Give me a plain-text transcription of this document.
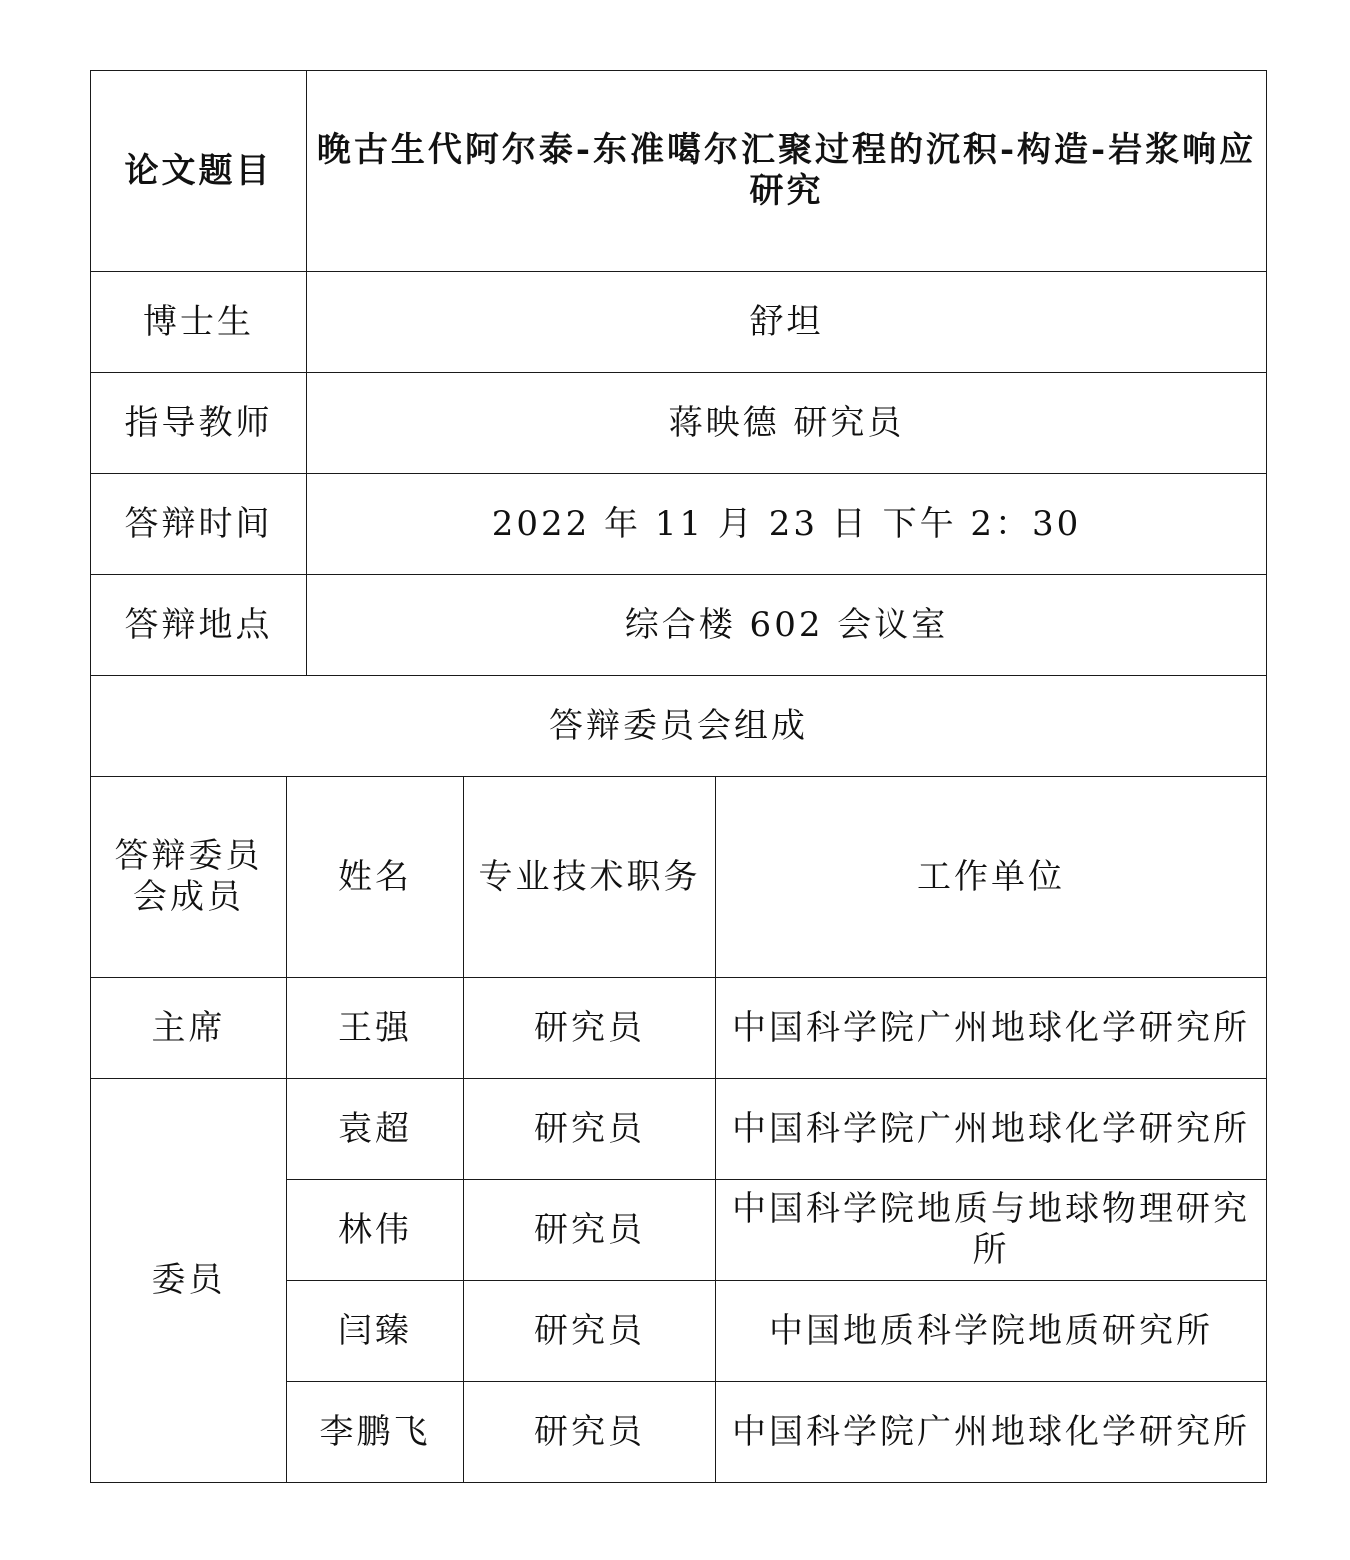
论文题目		晚古生代阿尔泰-东准噶尔汇聚过程的沉积-构造-岩浆响应研究		
博士生		舒坦		
指导教师		蒋映德 研究员		
答辩时间		2022 年 11 月 23 日 下午 2：30		
答辩地点		综合楼 602 会议室		
答辩委员会组成				

答辩委员
会成员	姓名		专业技术职务	工作单位
主席	王强		研究员	中国科学院广州地球化学研究所
委员	袁超		研究员	中国科学院广州地球化学研究所
	林伟		研究员	中国科学院地质与地球物理研究所
	闫臻		研究员	中国地质科学院地质研究所
	李鹏飞		研究员	中国科学院广州地球化学研究所
